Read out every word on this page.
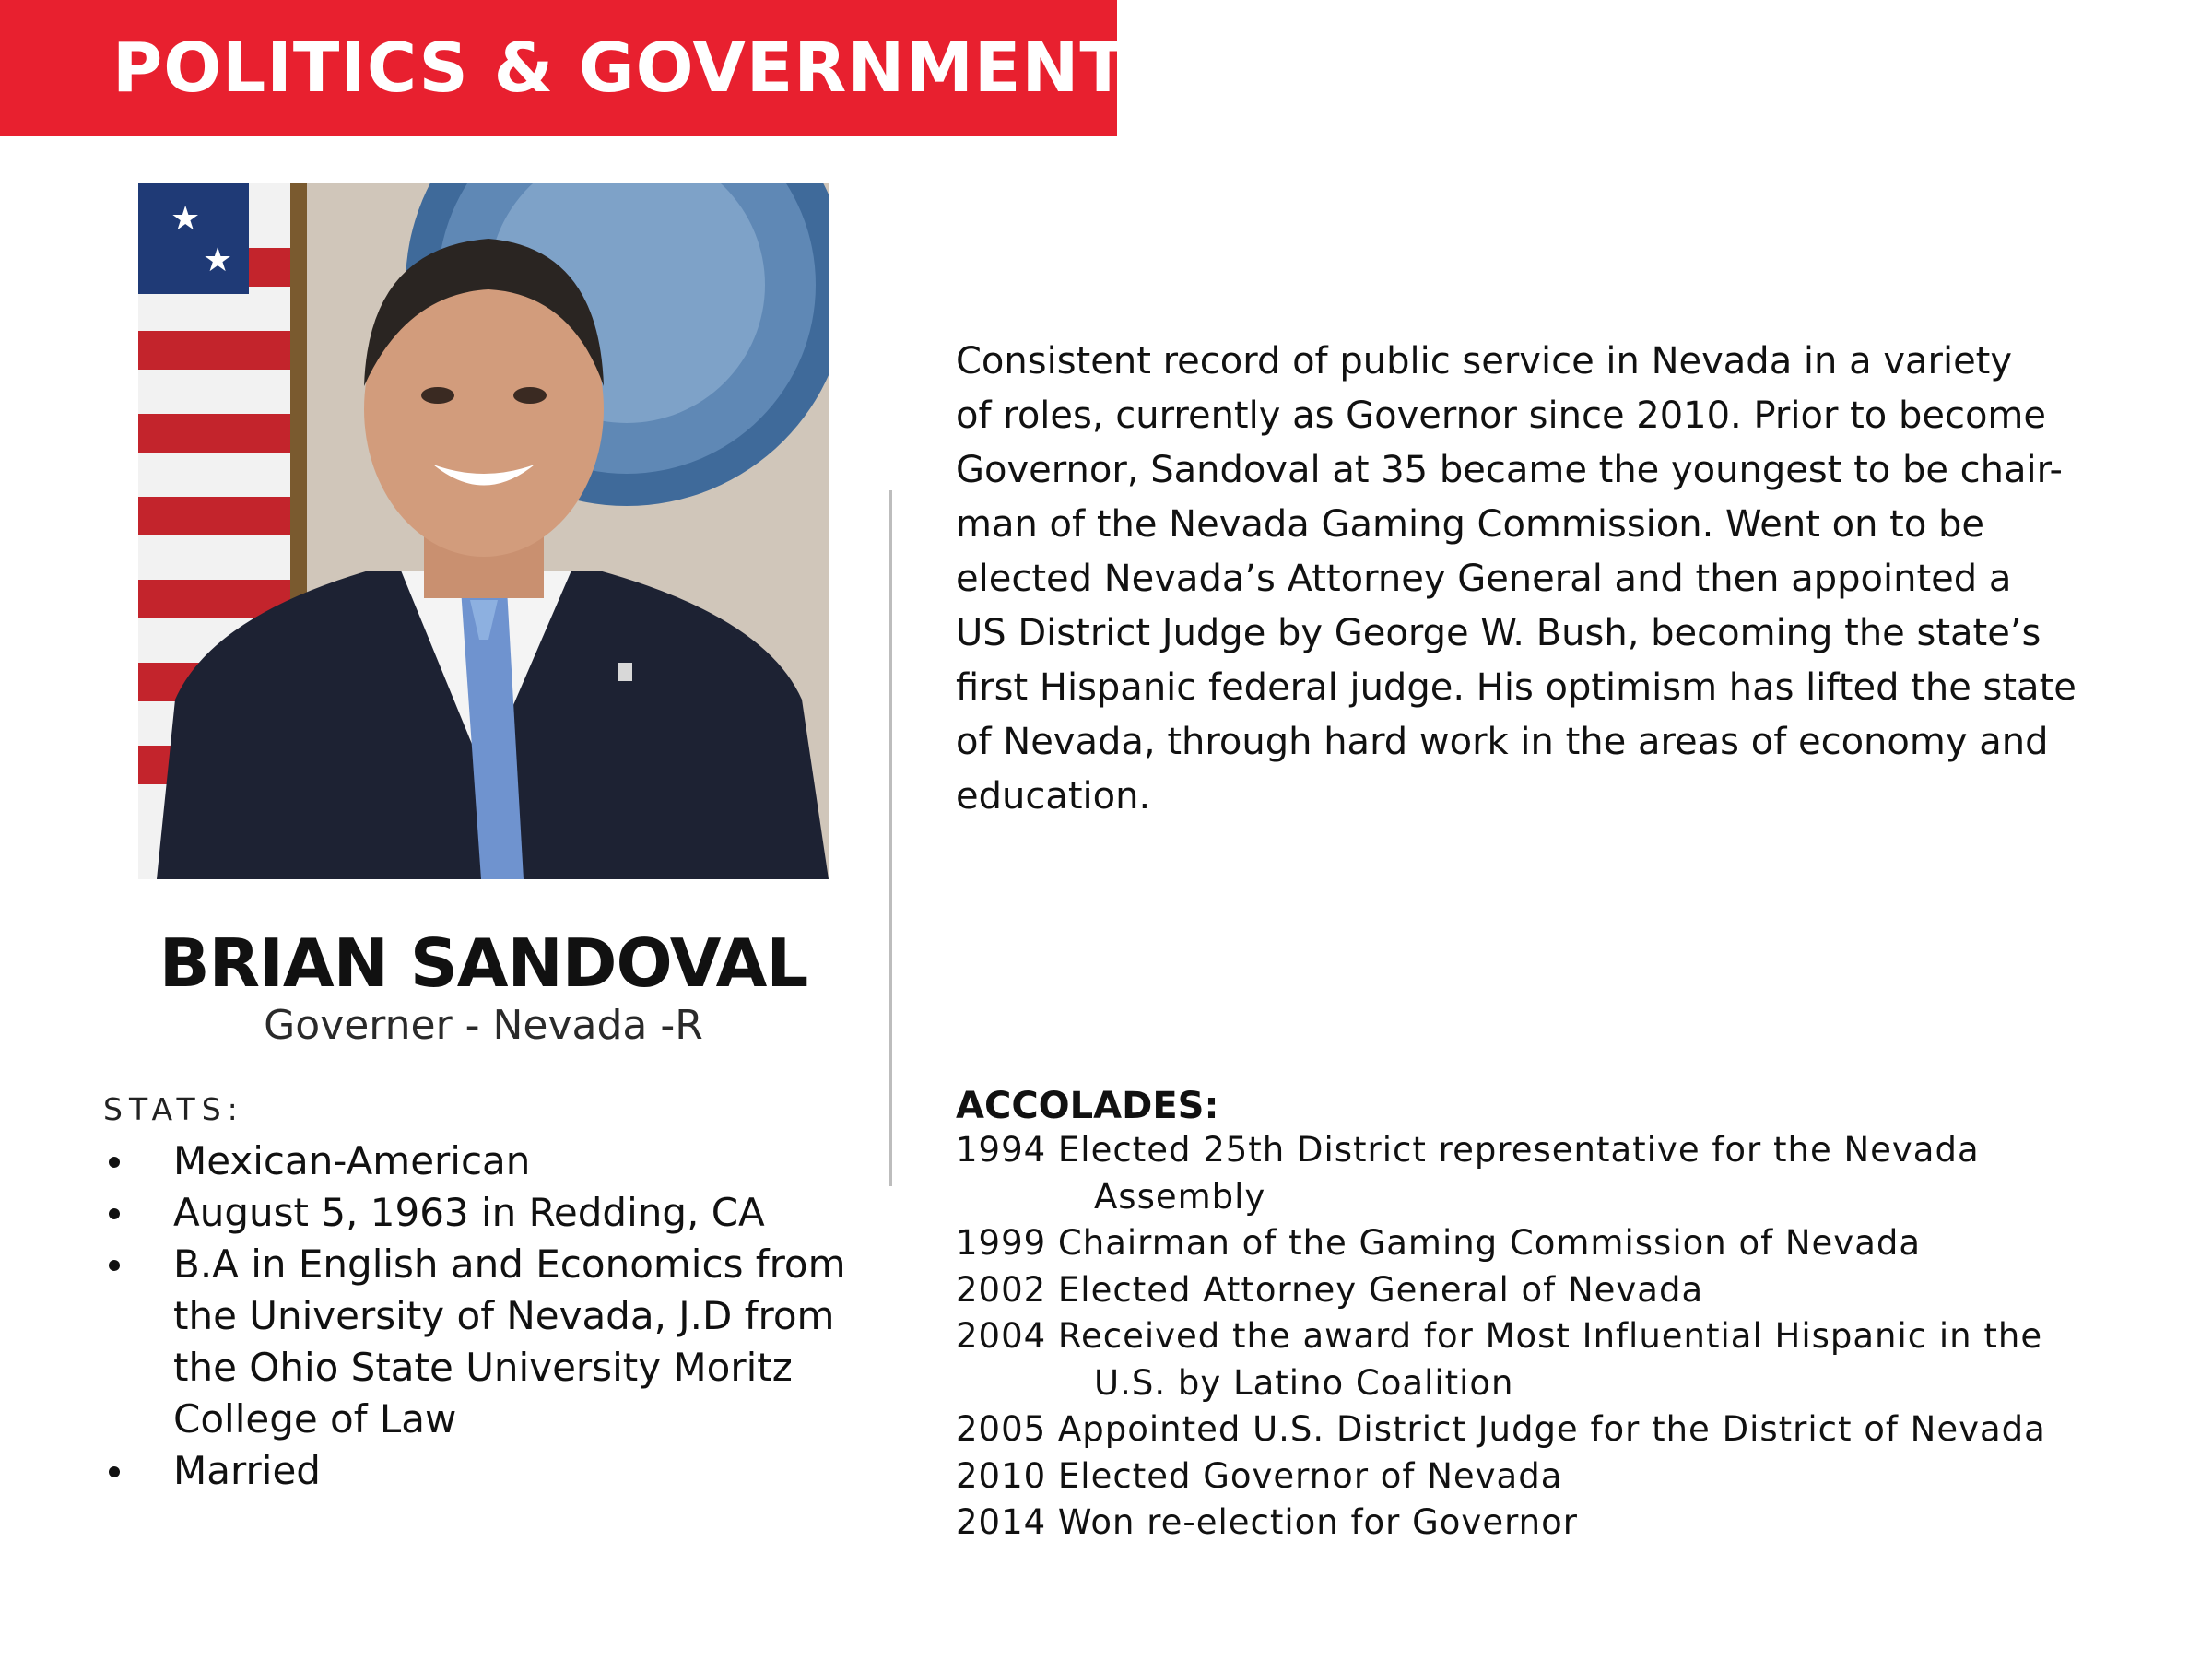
POLITICS & GOVERNMENT
★
★
BRIAN SANDOVAL

Governer - Nevada -R

STATS:

Mexican-American
August 5, 1963 in Redding, CA
B.A in English and Economics from
the University of Nevada, J.D from
the Ohio State University Moritz
College of Law
Married
Consistent record of public service in Nevada in a variety
of roles, currently as Governor since 2010. Prior to become
Governor, Sandoval at 35 became the youngest to be chair-
man of the Nevada Gaming Commission. Went on to be
elected Nevada’s Attorney General and then appointed a
US District Judge by George W. Bush, becoming the state’s
first Hispanic federal judge. His optimism has lifted the state
of Nevada, through hard work in the areas of economy and
education.

ACCOLADES:

1994 Elected 25th District representative for the Nevada
Assembly
1999 Chairman of the Gaming Commission of Nevada
2002 Elected Attorney General of Nevada
2004 Received the award for Most Influential Hispanic in the
U.S. by Latino Coalition
2005 Appointed U.S. District Judge for the District of Nevada
2010 Elected Governor of Nevada
2014 Won re-election for Governor
